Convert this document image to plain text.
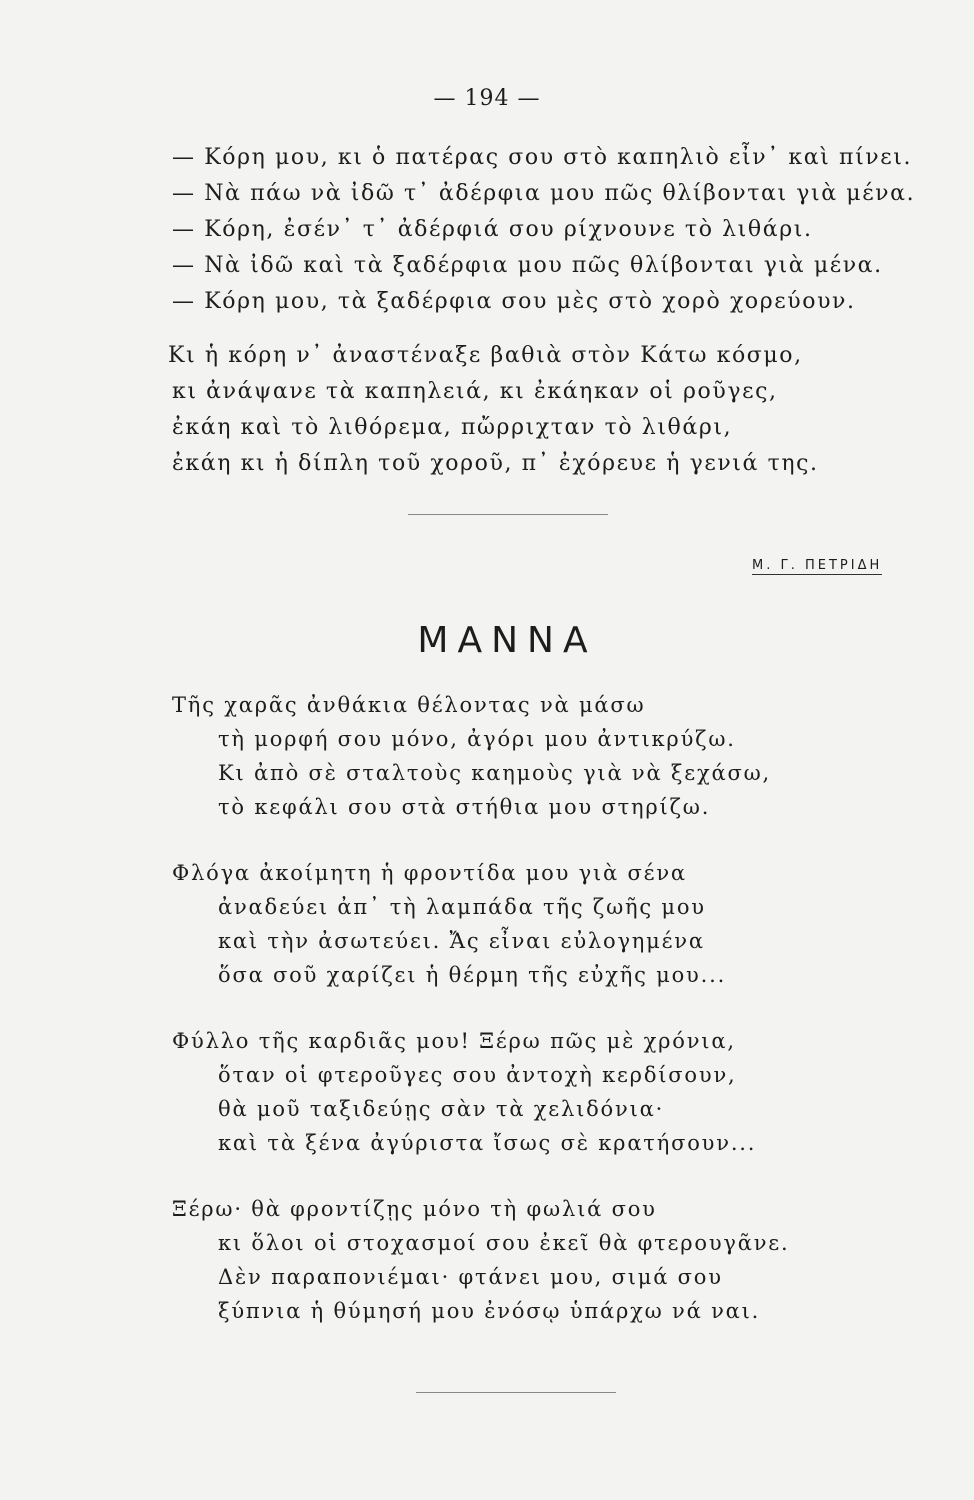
— 194 —
— Κόρη μου, κι ὁ πατέρας σου στὸ καπηλιὸ εἶν᾿ καὶ πίνει.
— Νὰ πάω νὰ ἰδῶ τ᾿ ἀδέρφια μου πῶς θλίβονται γιὰ μένα.
— Κόρη, ἐσέν᾿ τ᾿ ἀδέρφιά σου ρίχνουνε τὸ λιθάρι.
— Νὰ ἰδῶ καὶ τὰ ξαδέρφια μου πῶς θλίβονται γιὰ μένα.
— Κόρη μου, τὰ ξαδέρφια σου μὲς στὸ χορὸ χορεύουν.
Κι ἡ κόρη ν᾿ ἀναστέναξε βαθιὰ στὸν Κάτω κόσμο,
κι ἀνάψανε τὰ καπηλειά, κι ἐκάηκαν οἱ ροῦγες,
ἐκάη καὶ τὸ λιθόρεμα, πὤρριχταν τὸ λιθάρι,
ἐκάη κι ἡ δίπλη τοῦ χοροῦ, π᾿ ἐχόρευε ἡ γενιά της.
Μ. Γ. ΠΕΤΡΙΔΗ
ΜΑΝΝΑ
Τῆς χαρᾶς ἀνθάκια θέλοντας νὰ μάσω
τὴ μορφή σου μόνο, ἀγόρι μου ἀντικρύζω.
Κι ἀπὸ σὲ σταλτοὺς καημοὺς γιὰ νὰ ξεχάσω,
τὸ κεφάλι σου στὰ στήθια μου στηρίζω.
Φλόγα ἀκοίμητη ἡ φροντίδα μου γιὰ σένα
ἀναδεύει ἀπ᾿ τὴ λαμπάδα τῆς ζωῆς μου
καὶ τὴν ἀσωτεύει. Ἄς εἶναι εὐλογημένα
ὅσα σοῦ χαρίζει ἡ θέρμη τῆς εὐχῆς μου...
Φύλλο τῆς καρδιᾶς μου! Ξέρω πῶς μὲ χρόνια,
ὅταν οἱ φτεροῦγες σου ἀντοχὴ κερδίσουν,
θὰ μοῦ ταξιδεύῃς σὰν τὰ χελιδόνια·
καὶ τὰ ξένα ἀγύριστα ἴσως σὲ κρατήσουν...
Ξέρω· θὰ φροντίζῃς μόνο τὴ φωλιά σου
κι ὅλοι οἱ στοχασμοί σου ἐκεῖ θὰ φτερουγᾶνε.
Δὲν παραπονιέμαι· φτάνει μου, σιμά σου
ξύπνια ἡ θύμησή μου ἐνόσῳ ὑπάρχω νά ναι.
